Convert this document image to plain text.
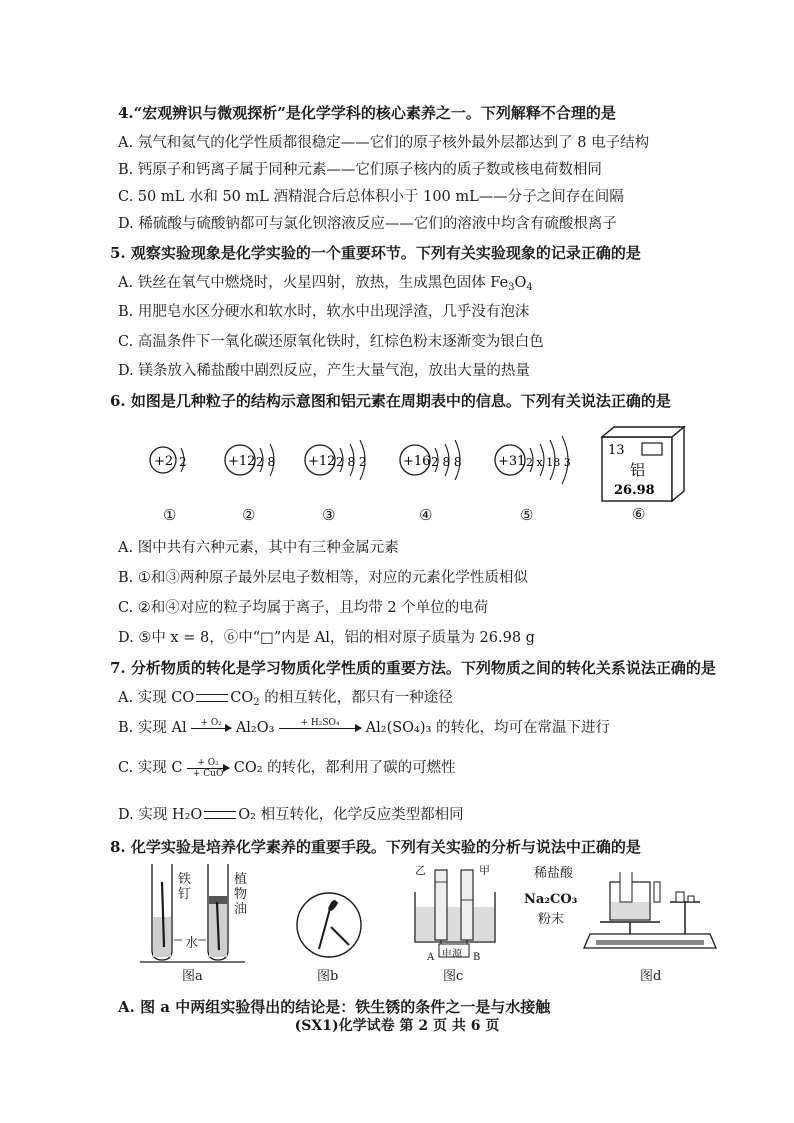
4.“宏观辨识与微观探析”是化学学科的核心素养之一。下列解释不合理的是
A. 氖气和氦气的化学性质都很稳定——它们的原子核外最外层都达到了 8 电子结构
B. 钙原子和钙离子属于同种元素——它们原子核内的质子数或核电荷数相同
C. 50 mL 水和 50 mL 酒精混合后总体积小于 100 mL——分子之间存在间隔
D. 稀硫酸与硫酸钠都可与氯化钡溶液反应——它们的溶液中均含有硫酸根离子
5. 观察实验现象是化学实验的一个重要环节。下列有关实验现象的记录正确的是
A. 铁丝在氧气中燃烧时，火星四射，放热，生成黑色固体 $Fe_3O_4$
B. 用肥皂水区分硬水和软水时，软水中出现浮渣，几乎没有泡沫
C. 高温条件下一氧化碳还原氧化铁时，红棕色粉末逐渐变为银白色
D. 镁条放入稀盐酸中剧烈反应，产生大量气泡，放出大量的热量
6. 如图是几种粒子的结构示意图和铝元素在周期表中的信息。下列有关说法正确的是
+2 2
①
+12 2 8
②
+12 2 8 2
③
+16 2 8 8
④
+31 2 x 18 3
⑤
13
铝
26.98
⑥
A. 图中共有六种元素，其中有三种金属元素
B. ①和③两种原子最外层电子数相等，对应的元素化学性质相似
C. ②和④对应的粒子均属于离子，且均带 2 个单位的电荷
D. ⑤中 x = 8，⑥中“□”内是 Al，铝的相对原子质量为 26.98 g
7. 分析物质的转化是学习物质化学性质的重要方法。下列物质之间的转化关系说法正确的是
A. 实现 CO $CO_2$ 的相互转化，都只有一种途径
B. 实现 Al	+ O₂
Al₂O₃	+ H₂SO₄
	Al₂(SO₄)₃ 的转化，均可在常温下进行
C. 实现 C	+ O₂
+ CuO CO₂ 的转化，都利用了碳的可燃性
D. 实现 H₂O O₂ 相互转化，化学反应类型都相同
8. 化学实验是培养化学素养的重要手段。下列有关实验的分析与说法中正确的是
铁
钉
植
物
油
水
图a	图b
乙	甲
电源
A	B
图c
稀盐酸
Na₂CO₃
粉末
图d
A. 图 a 中两组实验得出的结论是：铁生锈的条件之一是与水接触
(SX1)化学试卷 第 2 页 共 6 页
